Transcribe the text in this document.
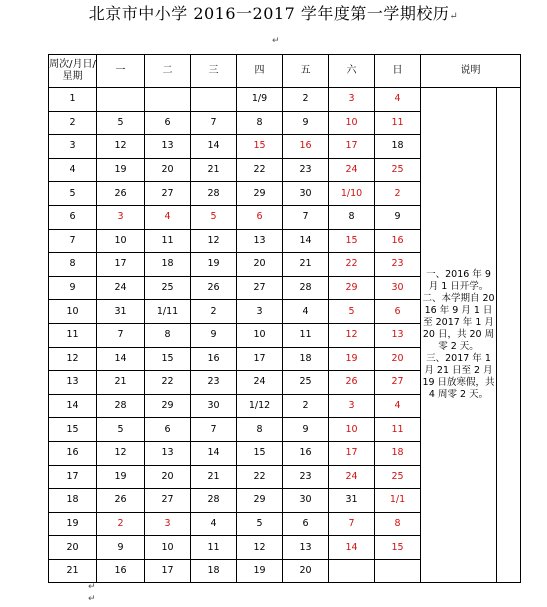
北京市中小学 2016一2017 学年度第一学期校历↵
↵
周次/月日/星期	一	二	三	四	五	六	日	说明	
1				1/9	2	3	4	一、2016 年 9 月 1 日开学。
二、本学期自 2016 年 9 月 1 日至 2017 年 1 月 20 日，共 20 周零 2 天。
三、2017 年 1 月 21 日至 2 月 19 日放寒假，共 4 周零 2 天。	

2	5	6	7	8	9	10	11		
3	12	13	14	15	16	17	18		
4	19	20	21	22	23	24	25		
5	26	27	28	29	30	1/10	2		
6	3	4	5	6	7	8	9		
7	10	11	12	13	14	15	16		
8	17	18	19	20	21	22	23		
9	24	25	26	27	28	29	30		
10	31	1/11	2	3	4	5	6		
11	7	8	9	10	11	12	13		
12	14	15	16	17	18	19	20		
13	21	22	23	24	25	26	27		
14	28	29	30	1/12	2	3	4		
15	5	6	7	8	9	10	11		
16	12	13	14	15	16	17	18		
17	19	20	21	22	23	24	25		
18	26	27	28	29	30	31	1/1		
19	2	3	4	5	6	7	8		
20	9	10	11	12	13	14	15		
21	16	17	18	19	20				
↵
↵
